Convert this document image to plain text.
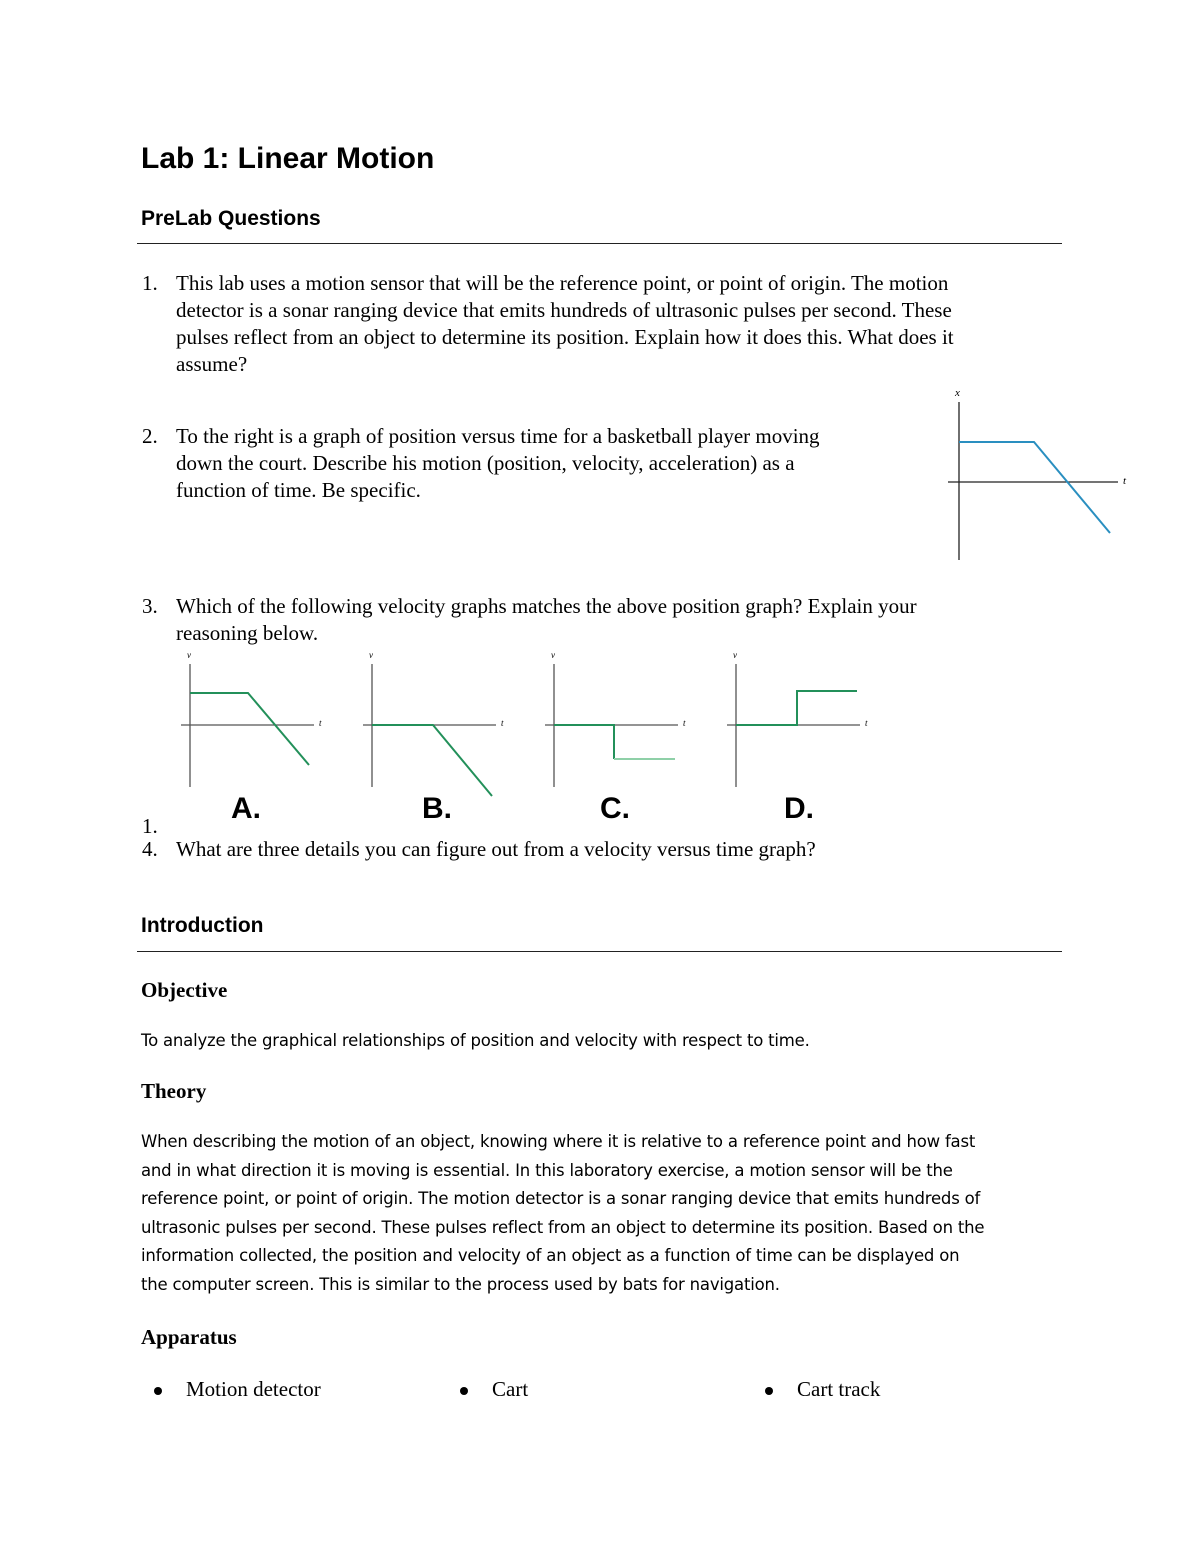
Lab 1: Linear Motion
PreLab Questions
1. This lab uses a motion sensor that will be the reference point, or point of origin. The motion
detector is a sonar ranging device that emits hundreds of ultrasonic pulses per second. These
pulses reflect from an object to determine its position. Explain how it does this. What does it
assume?
2. To the right is a graph of position versus time for a basketball player moving
down the court. Describe his motion (position, velocity, acceleration) as a
function of time. Be specific.
x
t
v
t
v
t
v
t
v
t
A.	B.	C.	D.
3. Which of the following velocity graphs matches the above position graph? Explain your
reasoning below.
1.
4. What are three details you can figure out from a velocity versus time graph?
Introduction
Objective
To analyze the graphical relationships of position and velocity with respect to time.
Theory
When describing the motion of an object, knowing where it is relative to a reference point and how fast
and in what direction it is moving is essential. In this laboratory exercise, a motion sensor will be the
reference point, or point of origin. The motion detector is a sonar ranging device that emits hundreds of
ultrasonic pulses per second. These pulses reflect from an object to determine its position. Based on the
information collected, the position and velocity of an object as a function of time can be displayed on
the computer screen. This is similar to the process used by bats for navigation.
Apparatus
Motion detector	Cart	Cart track
